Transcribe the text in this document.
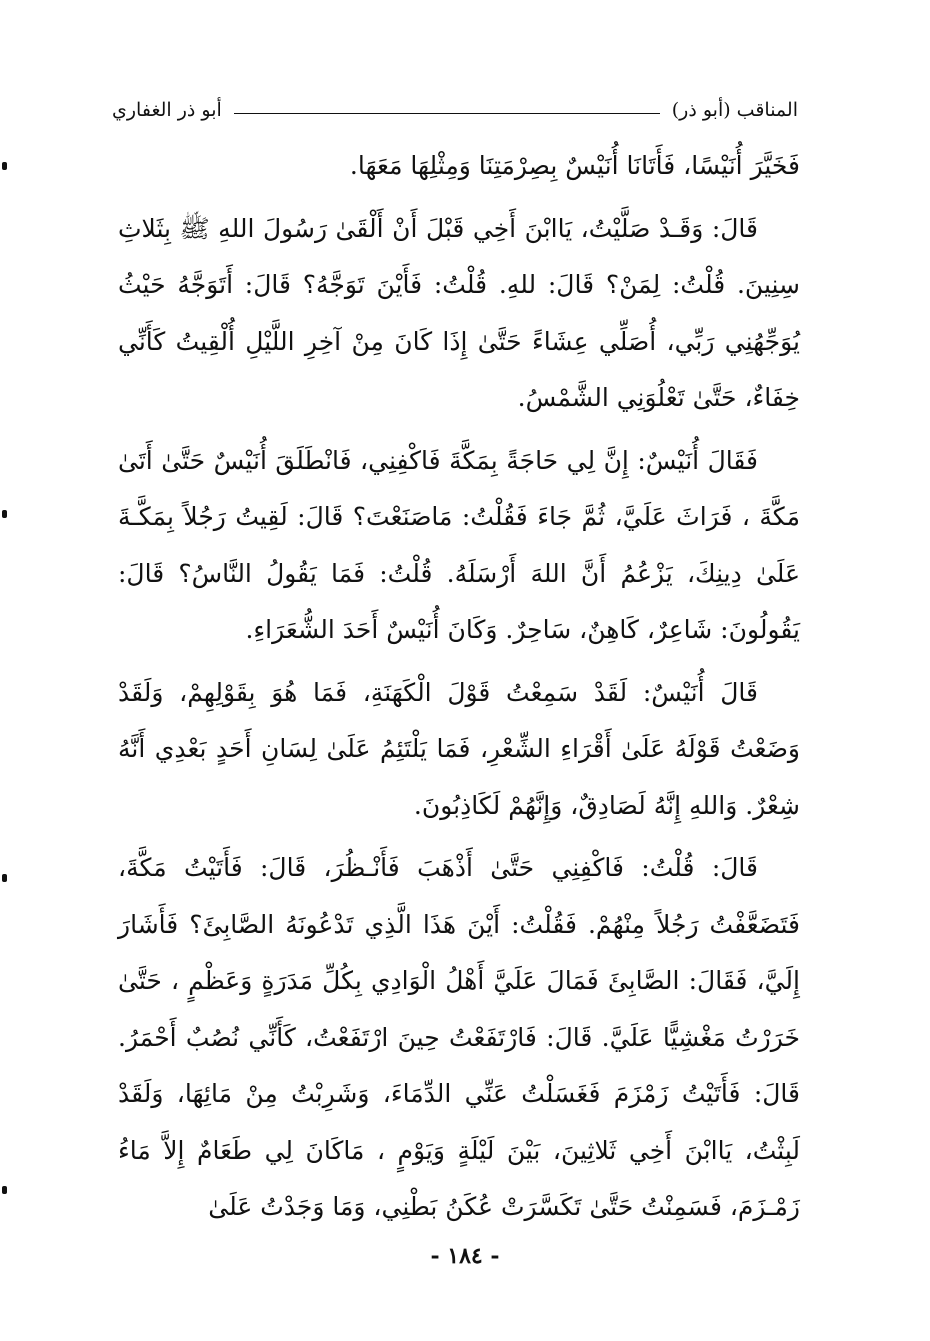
المناقب (أبو ذر)
أبو ذر الغفاري

فَخَيَّرَ أُنَيْسًا، فَأَتَانَا أُنَيْسٌ بِصِرْمَتِنَا وَمِثْلِهَا مَعَهَا.

قَالَ: وَقَـدْ صَلَّيْتُ، يَاابْنَ أَخِي قَبْلَ أَنْ أَلْقَىٰ رَسُولَ اللهِ ﷺ بِثَلاثِ سِنِينَ. قُلْتُ: لِمَنْ؟ قَالَ: للهِ. قُلْتُ: فَأَيْنَ تَوَجَّهُ؟ قَالَ: أَتَوَجَّهُ حَيْثُ يُوَجِّهُنِي رَبِّي، أُصَلِّي عِشَاءً حَتَّىٰ إِذَا كَانَ مِنْ آخِرِ اللَّيْلِ أُلْقِيتُ كَأَنِّي خِفَاءٌ، حَتَّىٰ تَعْلُوَنِي الشَّمْسُ.

فَقَالَ أُنَيْسٌ: إِنَّ لِي حَاجَةً بِمَكَّةَ فَاكْفِنِي، فَانْطَلَقَ أُنَيْسٌ حَتَّىٰ أَتَىٰ مَكَّةَ ، فَرَاثَ عَلَيَّ، ثُمَّ جَاءَ فَقُلْتُ: مَاصَنَعْتَ؟ قَالَ: لَقِيتُ رَجُلاً بِمَكَّـةَ عَلَىٰ دِينِكَ، يَزْعُمُ أَنَّ اللهَ أَرْسَلَهُ. قُلْتُ: فَمَا يَقُولُ النَّاسُ؟ قَالَ: يَقُولُونَ: شَاعِرٌ، كَاهِنٌ، سَاحِرٌ. وَكَانَ أُنَيْسٌ أَحَدَ الشُّعَرَاءِ.

قَالَ أُنَيْسٌ: لَقَدْ سَمِعْتُ قَوْلَ الْكَهَنَةِ، فَمَا هُوَ بِقَوْلِهِمْ، وَلَقَدْ وَضَعْتُ قَوْلَهُ عَلَىٰ أَقْرَاءِ الشِّعْرِ، فَمَا يَلْتَئِمُ عَلَىٰ لِسَانِ أَحَدٍ بَعْدِي أَنَّهُ شِعْرٌ. وَاللهِ إِنَّهُ لَصَادِقٌ، وَإِنَّهُمْ لَكَاذِبُونَ.

قَالَ: قُلْتُ: فَاكْفِنِي حَتَّىٰ أَذْهَبَ فَأَنْـظُرَ، قَالَ: فَأَتَيْتُ مَكَّةَ، فَتَضَعَّفْتُ رَجُلاً مِنْهُمْ. فَقُلْتُ: أَيْنَ هَذَا الَّذِي تَدْعُونَهُ الصَّابِئَ؟ فَأَشَارَ إِلَيَّ، فَقَالَ: الصَّابِئَ فَمَالَ عَلَيَّ أَهْلُ الْوَادِي بِكُلِّ مَدَرَةٍ وَعَظْمٍ ، حَتَّىٰ خَرَرْتُ مَغْشِيًّا عَلَيَّ. قَالَ: فَارْتَفَعْتُ حِينَ ارْتَفَعْتُ، كَأَنِّي نُصُبٌ أَحْمَرُ. قَالَ: فَأَتَيْتُ زَمْزَمَ فَغَسَلْتُ عَنِّي الدِّمَاءَ، وَشَرِبْتُ مِنْ مَائِهَا، وَلَقَدْ لَبِثْتُ، يَاابْنَ أَخِي ثَلاثِينَ، بَيْنَ لَيْلَةٍ وَيَوْمٍ ، مَاكَانَ لِي طَعَامٌ إِلاَّ مَاءُ زَمْـزَمَ، فَسَمِنْتُ حَتَّىٰ تَكَسَّرَتْ عُكَنُ بَطْنِي، وَمَا وَجَدْتُ عَلَىٰ

- ١٨٤ -
